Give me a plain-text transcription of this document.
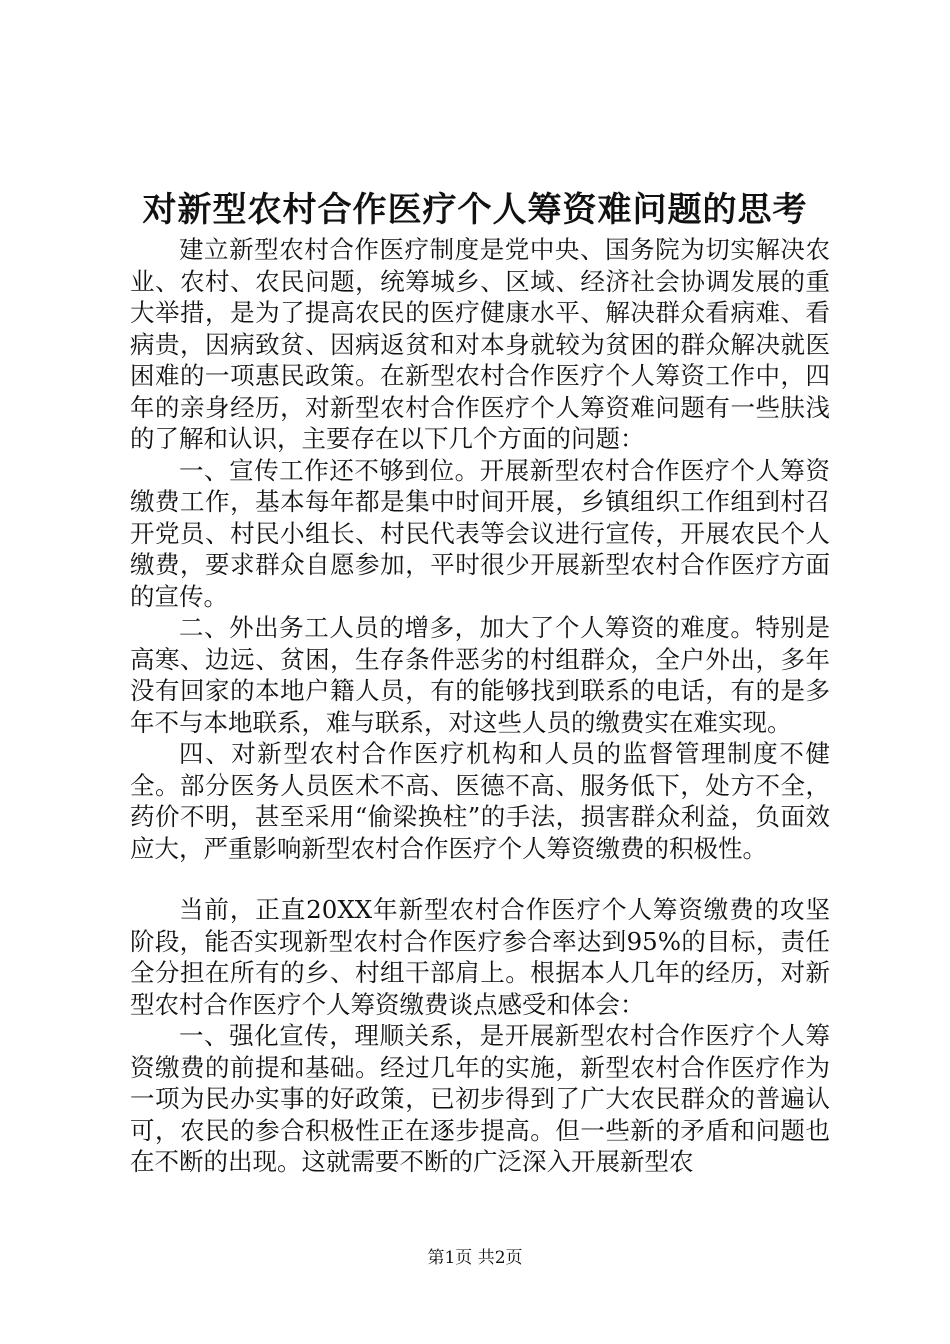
对新型农村合作医疗个人筹资难问题的思考

建立新型农村合作医疗制度是党中央、国务院为切实解决农业、农村、农民问题，统筹城乡、区域、经济社会协调发展的重大举措，是为了提高农民的医疗健康水平、解决群众看病难、看病贵，因病致贫、因病返贫和对本身就较为贫困的群众解决就医困难的一项惠民政策。在新型农村合作医疗个人筹资工作中，四年的亲身经历，对新型农村合作医疗个人筹资难问题有一些肤浅的了解和认识，主要存在以下几个方面的问题：

一、宣传工作还不够到位。开展新型农村合作医疗个人筹资缴费工作，基本每年都是集中时间开展，乡镇组织工作组到村召开党员、村民小组长、村民代表等会议进行宣传，开展农民个人缴费，要求群众自愿参加，平时很少开展新型农村合作医疗方面的宣传。

二、外出务工人员的增多，加大了个人筹资的难度。特别是高寒、边远、贫困，生存条件恶劣的村组群众，全户外出，多年没有回家的本地户籍人员，有的能够找到联系的电话，有的是多年不与本地联系，难与联系，对这些人员的缴费实在难实现。

四、对新型农村合作医疗机构和人员的监督管理制度不健全。部分医务人员医术不高、医德不高、服务低下，处方不全，药价不明，甚至采用“偷梁换柱”的手法，损害群众利益，负面效应大，严重影响新型农村合作医疗个人筹资缴费的积极性。

当前，正直20XX年新型农村合作医疗个人筹资缴费的攻坚阶段，能否实现新型农村合作医疗参合率达到95%的目标，责任全分担在所有的乡、村组干部肩上。根据本人几年的经历，对新型农村合作医疗个人筹资缴费谈点感受和体会：

一、强化宣传，理顺关系，是开展新型农村合作医疗个人筹资缴费的前提和基础。经过几年的实施，新型农村合作医疗作为一项为民办实事的好政策，已初步得到了广大农民群众的普遍认可，农民的参合积极性正在逐步提高。但一些新的矛盾和问题也在不断的出现。这就需要不断的广泛深入开展新型农

第1页 共2页
